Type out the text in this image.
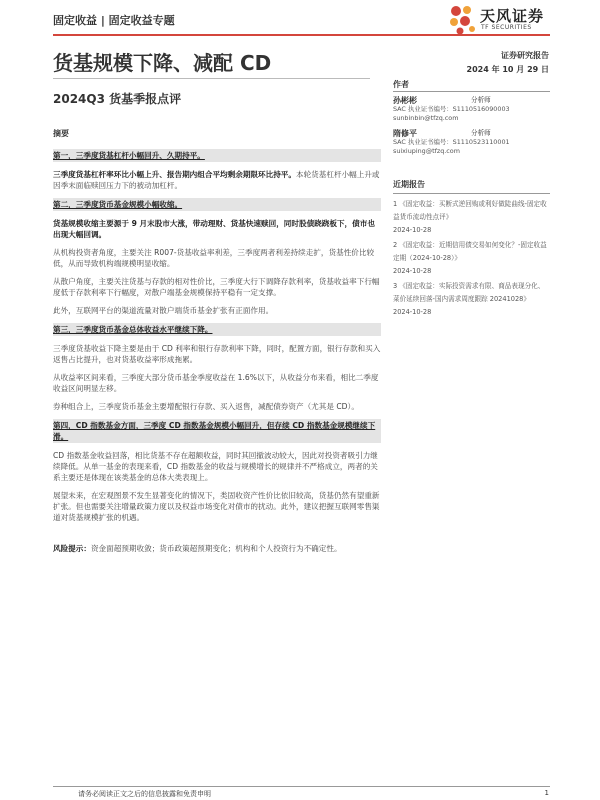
固定收益 | 固定收益专题	天风证券
TF SECURITIES
货基规模下降、减配 CD	证券研究报告
2024 年 10 月 29 日
2024Q3 货基季报点评
摘要
第一，三季度货基杠杆小幅回升、久期持平。
三季度货基杠杆率环比小幅上升、报告期内组合平均剩余期限环比持平。本轮货基杠杆小幅上升或因季末面临赎回压力下的被动加杠杆。
第二，三季度货币基金规模小幅收缩。
货基规模收缩主要源于 9 月末股市大涨，带动理财、货基快速赎回，同时股债跷跷板下，债市也出现大幅回调。
从机构投资者角度，主要关注 R007-货基收益率利差，三季度两者利差持续走扩，货基性价比较低，从而导致机构端规模明显收缩。
从散户角度，主要关注货基与存款的相对性价比，三季度大行下调降存款利率，货基收益率下行幅度低于存款利率下行幅度，对散户端基金规模保持平稳有一定支撑。
此外，互联网平台的渠道流量对散户端货币基金扩张有正面作用。
第三，三季度货币基金总体收益水平继续下降。
三季度货基收益下降主要是由于 CD 利率和银行存款利率下降，同时，配置方面，银行存款和买入返售占比提升，也对货基收益率形成拖累。
从收益率区间来看，三季度大部分货币基金季度收益在 1.6%以下，从收益分布来看，相比二季度收益区间明显左移。
券种组合上，三季度货币基金主要增配银行存款、买入返售，减配债券资产（尤其是 CD）。
第四，CD 指数基金方面，三季度 CD 指数基金规模小幅回升，但存续 CD 指数基金规模继续下滑。
CD 指数基金收益回落，相比货基不存在超额收益，同时其回撤波动较大，因此对投资者吸引力继续降低。从单一基金的表现来看，CD 指数基金的收益与规模增长的规律并不严格成立，两者的关系主要还是体现在该类基金的总体大类表现上。
展望未来，在宏观图景不发生显著变化的情况下，类固收资产性价比依旧较高，货基仍然有望重新扩张。但也需要关注增量政策力度以及权益市场变化对债市的扰动。此外，建议把握互联网零售渠道对货基规模扩张的机遇。
风险提示：资金面超预期收敛；货币政策超预期变化；机构和个人投资行为不确定性。
作者
孙彬彬	分析师
SAC 执业证书编号：S1110516090003
sunbinbin@tfzq.com
隋修平	分析师
SAC 执业证书编号：S1110523110001
suixiuping@tfzq.com
近期报告
1 《固定收益：买断式逆回购或利好做陡曲线-固定收益货币流动性点评》
2024-10-28
2 《固定收益：近期信用债交易如何变化？-固定收益定期（2024-10-28）》
2024-10-28
3 《固定收益：实际投资需求有限、商品表现分化、菜价延续回落-国内需求周度跟踪 20241028》 2024-10-28
请务必阅读正文之后的信息披露和免责申明	1
